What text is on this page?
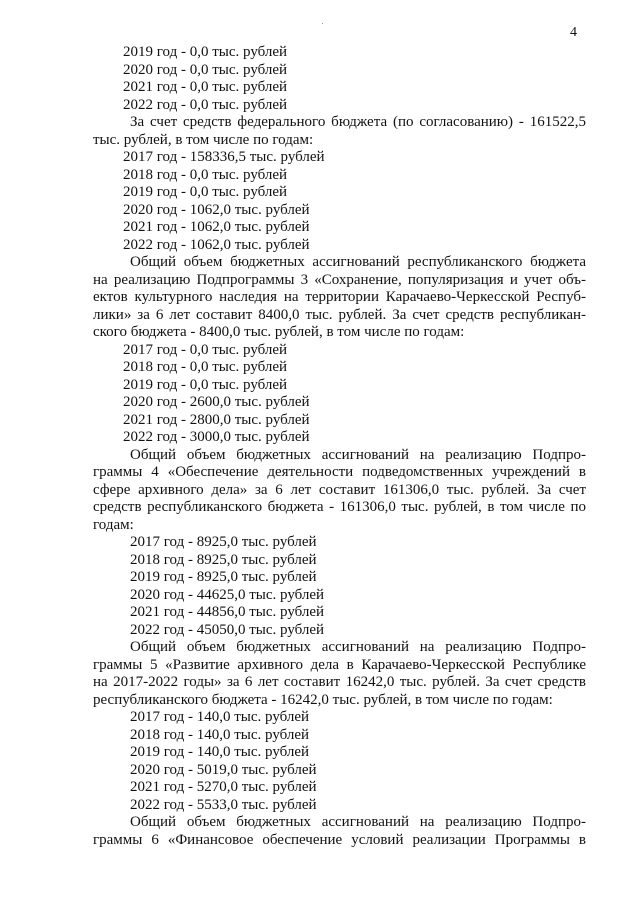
4
2019 год - 0,0 тыс. рублей
2020 год - 0,0 тыс. рублей
2021 год - 0,0 тыс. рублей
2022 год - 0,0 тыс. рублей
За счет средств федерального бюджета (по согласованию) - 161522,5
тыс. рублей, в том числе по годам:
2017 год - 158336,5 тыс. рублей
2018 год - 0,0 тыс. рублей
2019 год - 0,0 тыс. рублей
2020 год - 1062,0 тыс. рублей
2021 год - 1062,0 тыс. рублей
2022 год - 1062,0 тыс. рублей
Общий объем бюджетных ассигнований республиканского бюджета
на реализацию Подпрограммы 3 «Сохранение, популяризация и учет объ-
ектов культурного наследия на территории Карачаево-Черкесской Респуб-
лики» за 6 лет составит 8400,0 тыс. рублей. За счет средств республикан-
ского бюджета - 8400,0 тыс. рублей, в том числе по годам:
2017 год - 0,0 тыс. рублей
2018 год - 0,0 тыс. рублей
2019 год - 0,0 тыс. рублей
2020 год - 2600,0 тыс. рублей
2021 год - 2800,0 тыс. рублей
2022 год - 3000,0 тыс. рублей
Общий объем бюджетных ассигнований на реализацию Подпро-
граммы 4 «Обеспечение деятельности подведомственных учреждений в
сфере архивного дела» за 6 лет составит 161306,0 тыс. рублей. За счет
средств республиканского бюджета - 161306,0 тыс. рублей, в том числе по
годам:
2017 год - 8925,0 тыс. рублей
2018 год - 8925,0 тыс. рублей
2019 год - 8925,0 тыс. рублей
2020 год - 44625,0 тыс. рублей
2021 год - 44856,0 тыс. рублей
2022 год - 45050,0 тыс. рублей
Общий объем бюджетных ассигнований на реализацию Подпро-
граммы 5 «Развитие архивного дела в Карачаево-Черкесской Республике
на 2017-2022 годы» за 6 лет составит 16242,0 тыс. рублей. За счет средств
республиканского бюджета - 16242,0 тыс. рублей, в том числе по годам:
2017 год - 140,0 тыс. рублей
2018 год - 140,0 тыс. рублей
2019 год - 140,0 тыс. рублей
2020 год - 5019,0 тыс. рублей
2021 год - 5270,0 тыс. рублей
2022 год - 5533,0 тыс. рублей
Общий объем бюджетных ассигнований на реализацию Подпро-
граммы 6 «Финансовое обеспечение условий реализации Программы в
